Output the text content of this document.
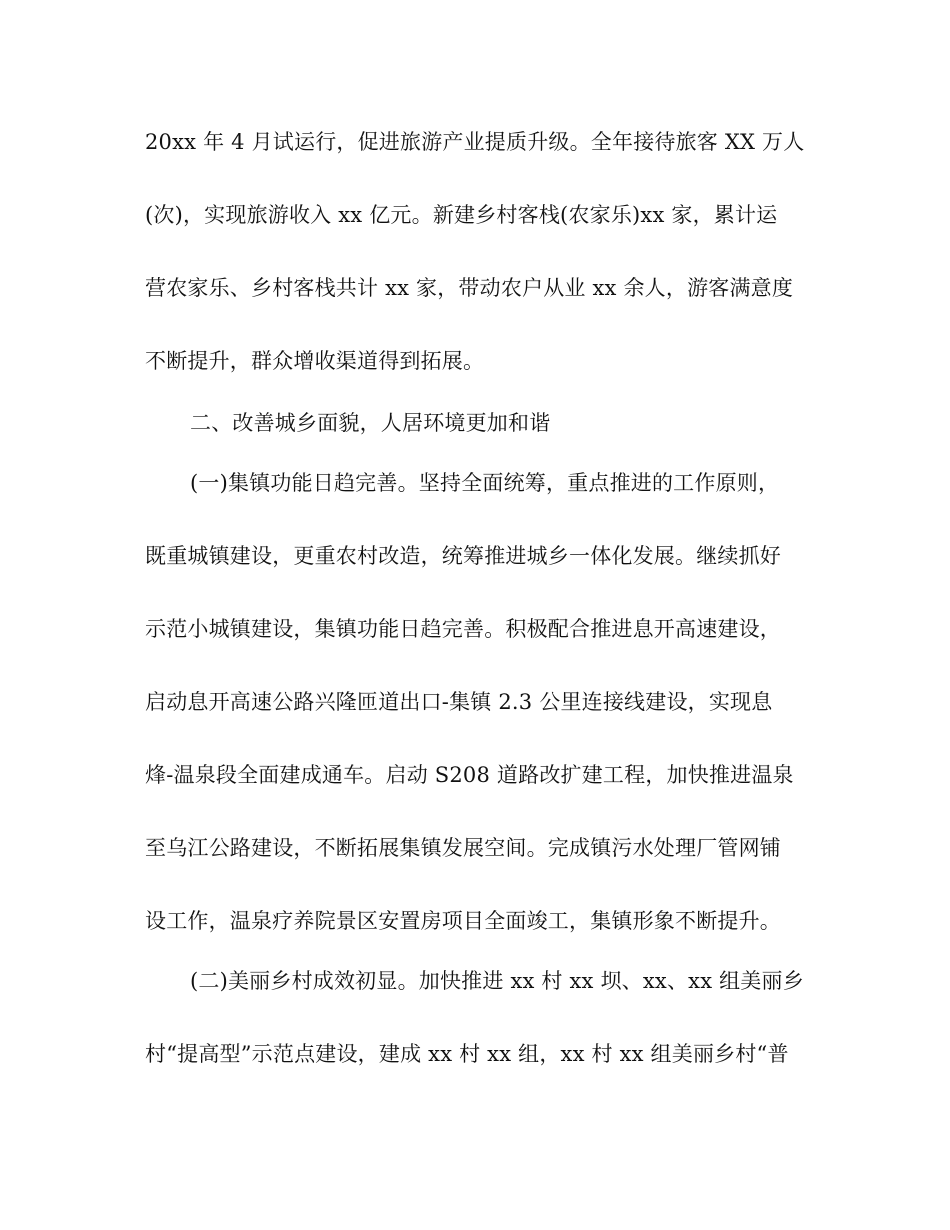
20xx 年 4 月试运行，促进旅游产业提质升级。全年接待旅客 XX 万人
(次)，实现旅游收入 xx 亿元。新建乡村客栈(农家乐)xx 家，累计运
营农家乐、乡村客栈共计 xx 家，带动农户从业 xx 余人，游客满意度
不断提升，群众增收渠道得到拓展。
二、改善城乡面貌，人居环境更加和谐
(一)集镇功能日趋完善。坚持全面统筹，重点推进的工作原则，
既重城镇建设，更重农村改造，统筹推进城乡一体化发展。继续抓好
示范小城镇建设，集镇功能日趋完善。积极配合推进息开高速建设，
启动息开高速公路兴隆匝道出口-集镇 2.3 公里连接线建设，实现息
烽-温泉段全面建成通车。启动 S208 道路改扩建工程，加快推进温泉
至乌江公路建设，不断拓展集镇发展空间。完成镇污水处理厂管网铺
设工作，温泉疗养院景区安置房项目全面竣工，集镇形象不断提升。
(二)美丽乡村成效初显。加快推进 xx 村 xx 坝、xx、xx 组美丽乡
村“提高型”示范点建设，建成 xx 村 xx 组，xx 村 xx 组美丽乡村“普
